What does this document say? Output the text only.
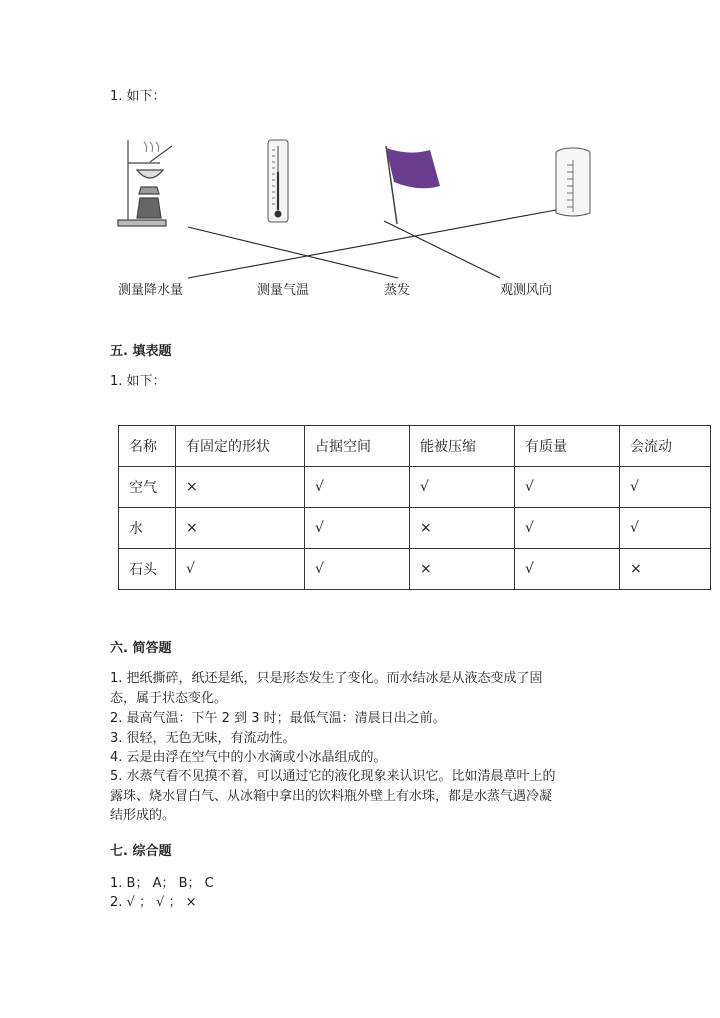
1. 如下：
测量降水量	测量气温	蒸发	观测风向
五. 填表题
1. 如下：
名称	有固定的形状	占据空间	能被压缩	有质量	会流动
空气	×	√	√	√	√
水	×	√	×	√	√
石头	√	√	×	√	×
六. 简答题
1. 把纸撕碎，纸还是纸，只是形态发生了变化。而水结冰是从液态变成了固
态，属于状态变化。
2. 最高气温：下午 2 到 3 时；最低气温：清晨日出之前。
3. 很轻，无色无味，有流动性。
4. 云是由浮在空气中的小水滴或小冰晶组成的。
5. 水蒸气看不见摸不着，可以通过它的液化现象来认识它。比如清晨草叶上的
露珠、烧水冒白气、从冰箱中拿出的饮料瓶外壁上有水珠，都是水蒸气遇冷凝
结形成的。
七. 综合题
1. B； A； B； C
2. √ ； √ ； ×
